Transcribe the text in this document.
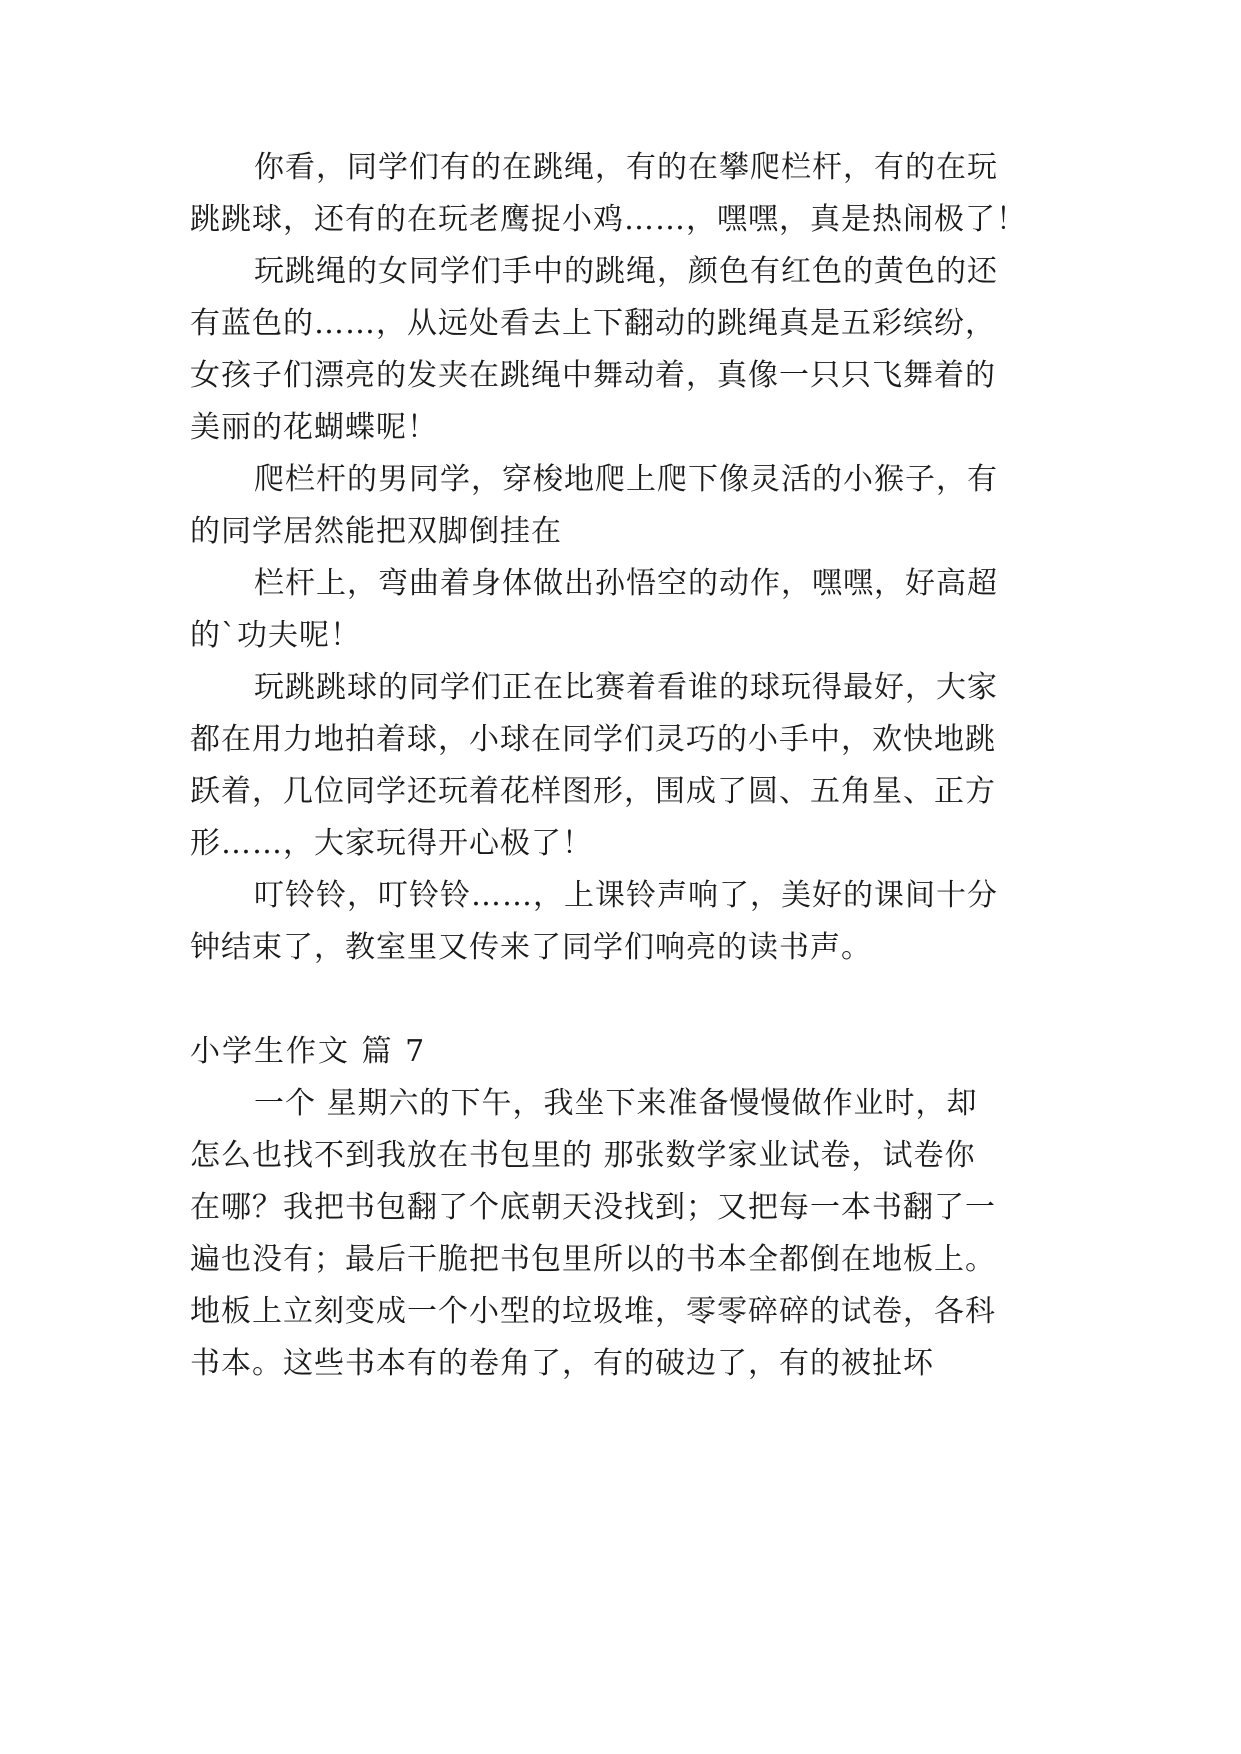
你看，同学们有的在跳绳，有的在攀爬栏杆，有的在玩
跳跳球，还有的在玩老鹰捉小鸡……，嘿嘿，真是热闹极了！
玩跳绳的女同学们手中的跳绳，颜色有红色的黄色的还
有蓝色的……，从远处看去上下翻动的跳绳真是五彩缤纷，
女孩子们漂亮的发夹在跳绳中舞动着，真像一只只飞舞着的
美丽的花蝴蝶呢！
爬栏杆的男同学，穿梭地爬上爬下像灵活的小猴子，有
的同学居然能把双脚倒挂在
栏杆上，弯曲着身体做出孙悟空的动作，嘿嘿，好高超
的`功夫呢！
玩跳跳球的同学们正在比赛着看谁的球玩得最好，大家
都在用力地拍着球，小球在同学们灵巧的小手中，欢快地跳
跃着，几位同学还玩着花样图形，围成了圆、五角星、正方
形……，大家玩得开心极了！
叮铃铃，叮铃铃……，上课铃声响了，美好的课间十分
钟结束了，教室里又传来了同学们响亮的读书声。
小学生作文 篇 7
一个 星期六的下午，我坐下来准备慢慢做作业时，却
怎么也找不到我放在书包里的 那张数学家业试卷，试卷你
在哪？我把书包翻了个底朝天没找到；又把每一本书翻了一
遍也没有；最后干脆把书包里所以的书本全都倒在地板上。
地板上立刻变成一个小型的垃圾堆，零零碎碎的试卷，各科
书本。这些书本有的卷角了，有的破边了，有的被扯坏
